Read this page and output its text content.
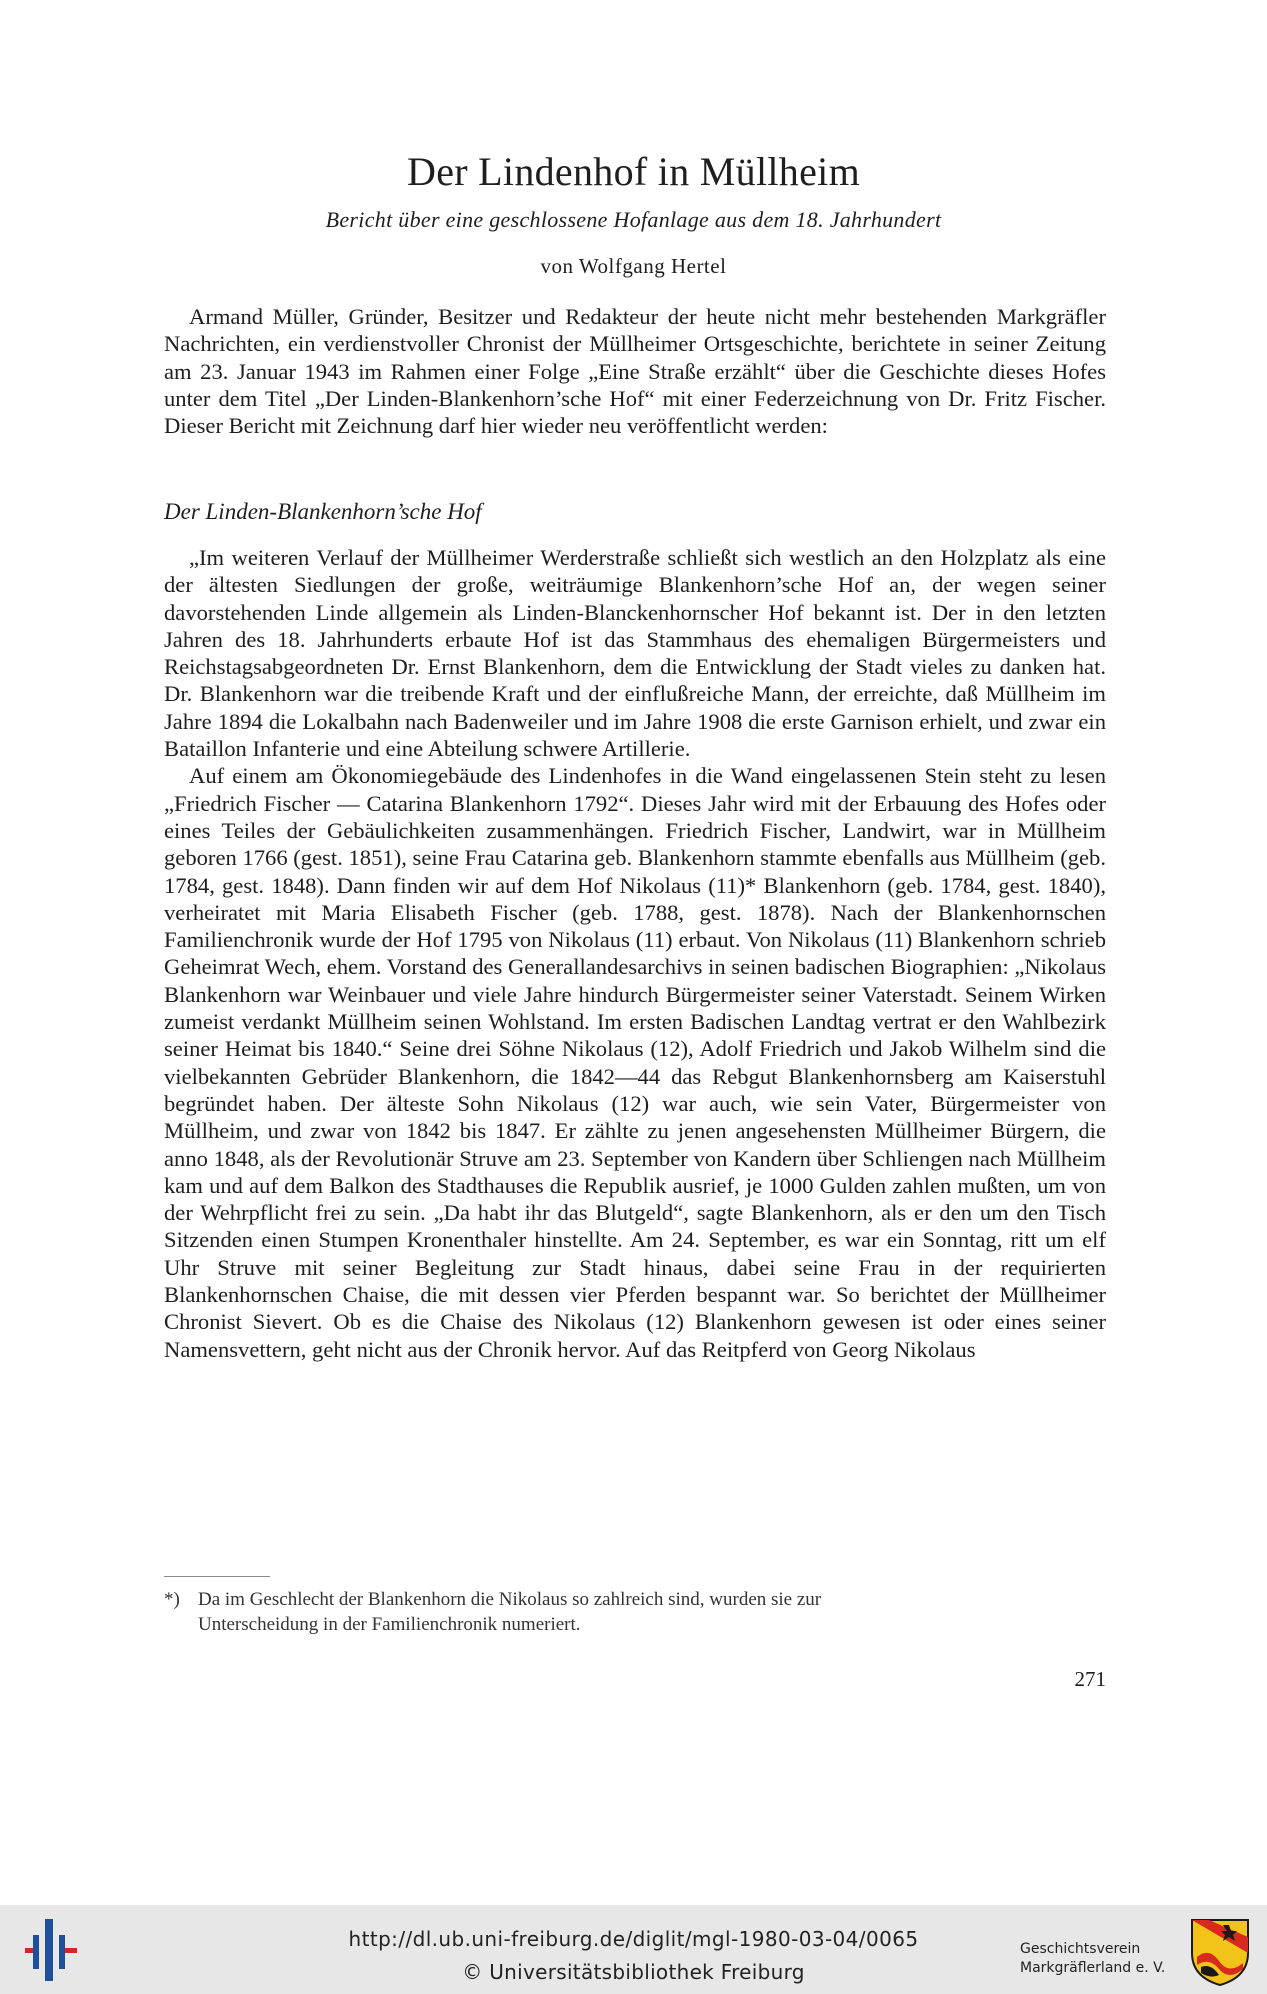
Der Lindenhof in Müllheim
Bericht über eine geschlossene Hofanlage aus dem 18. Jahrhundert
von Wolfgang Hertel

Armand Müller, Gründer, Besitzer und Redakteur der heute nicht mehr bestehenden Markgräfler Nachrichten, ein verdienstvoller Chronist der Müllheimer Ortsgeschichte, berichtete in seiner Zeitung am 23. Januar 1943 im Rahmen einer Folge „Eine Straße erzählt“ über die Geschichte dieses Hofes unter dem Titel „Der Linden-Blankenhorn’sche Hof“ mit einer Federzeichnung von Dr. Fritz Fischer. Dieser Bericht mit Zeichnung darf hier wieder neu veröffentlicht werden:

Der Linden-Blankenhorn’sche Hof

„Im weiteren Verlauf der Müllheimer Werderstraße schließt sich westlich an den Holzplatz als eine der ältesten Siedlungen der große, weiträumige Blankenhorn’sche Hof an, der wegen seiner davorstehenden Linde allgemein als Linden-Blanckenhornscher Hof bekannt ist. Der in den letzten Jahren des 18. Jahrhunderts erbaute Hof ist das Stammhaus des ehemaligen Bürgermeisters und Reichstagsabgeordneten Dr. Ernst Blankenhorn, dem die Entwicklung der Stadt vieles zu danken hat. Dr. Blankenhorn war die treibende Kraft und der einflußreiche Mann, der erreichte, daß Müllheim im Jahre 1894 die Lokalbahn nach Badenweiler und im Jahre 1908 die erste Garnison erhielt, und zwar ein Bataillon Infanterie und eine Abteilung schwere Artillerie.

Auf einem am Ökonomiegebäude des Lindenhofes in die Wand eingelassenen Stein steht zu lesen „Friedrich Fischer — Catarina Blankenhorn 1792“. Dieses Jahr wird mit der Erbauung des Hofes oder eines Teiles der Gebäulichkeiten zusammenhängen. Friedrich Fischer, Landwirt, war in Müllheim geboren 1766 (gest. 1851), seine Frau Catarina geb. Blankenhorn stammte ebenfalls aus Müllheim (geb. 1784, gest. 1848). Dann finden wir auf dem Hof Nikolaus (11)* Blankenhorn (geb. 1784, gest. 1840), verheiratet mit Maria Elisabeth Fischer (geb. 1788, gest. 1878). Nach der Blankenhornschen Familienchronik wurde der Hof 1795 von Nikolaus (11) erbaut. Von Nikolaus (11) Blankenhorn schrieb Geheimrat Wech, ehem. Vorstand des Generallandesarchivs in seinen badischen Biographien: „Nikolaus Blankenhorn war Weinbauer und viele Jahre hindurch Bürgermeister seiner Vaterstadt. Seinem Wirken zumeist verdankt Müllheim seinen Wohlstand. Im ersten Badischen Landtag vertrat er den Wahlbezirk seiner Heimat bis 1840.“ Seine drei Söhne Nikolaus (12), Adolf Friedrich und Jakob Wilhelm sind die vielbekannten Gebrüder Blankenhorn, die 1842—44 das Rebgut Blankenhornsberg am Kaiserstuhl begründet haben. Der älteste Sohn Nikolaus (12) war auch, wie sein Vater, Bürgermeister von Müllheim, und zwar von 1842 bis 1847. Er zählte zu jenen angesehensten Müllheimer Bürgern, die anno 1848, als der Revolutionär Struve am 23. September von Kandern über Schliengen nach Müllheim kam und auf dem Balkon des Stadthauses die Republik ausrief, je 1000 Gulden zahlen mußten, um von der Wehrpflicht frei zu sein. „Da habt ihr das Blutgeld“, sagte Blankenhorn, als er den um den Tisch Sitzenden einen Stumpen Kronenthaler hinstellte. Am 24. September, es war ein Sonntag, ritt um elf Uhr Struve mit seiner Begleitung zur Stadt hinaus, dabei seine Frau in der requirierten Blankenhornschen Chaise, die mit dessen vier Pferden bespannt war. So berichtet der Müllheimer Chronist Sievert. Ob es die Chaise des Nikolaus (12) Blankenhorn gewesen ist oder eines seiner Namensvettern, geht nicht aus der Chronik hervor. Auf das Reitpferd von Georg Nikolaus

*) Da im Geschlecht der Blankenhorn die Nikolaus so zahlreich sind, wurden sie zur
Unterscheidung in der Familienchronik numeriert.
271
http://dl.ub.uni-freiburg.de/diglit/mgl-1980-03-04/0065
© Universitätsbibliothek Freiburg
Geschichtsverein
Markgräflerland e. V.
